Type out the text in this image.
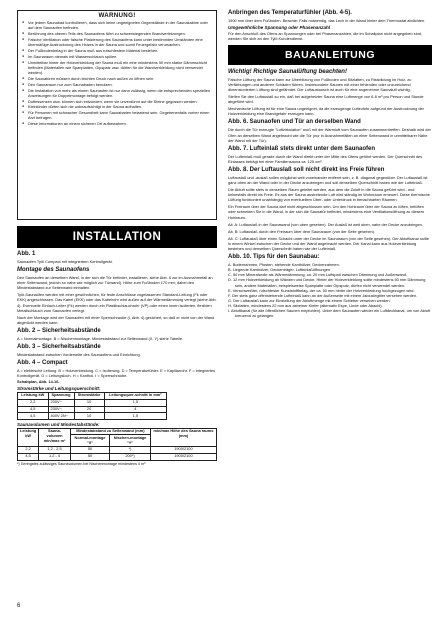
WARNUNG!
● Vor jedem Saunabad kontrollieren, dass sich keine ungeeigneten Gegenstände in der Saunakabine oder auf dem Saunaofen befinden.
● Berührung des oberen Teils des Saunaofens führt zu schwerwiegenden Brandverletzungen.
● Falsche Ventilation oder falsche Platzierung des Saunaofens kann unter bestimmten Umständen eine übermäßige Austrocknung des Holzes in der Sauna und somit Feuergefahr verursachen.
● Der Fußbodenbelag in der Sauna muß aus rutschfestem Material bestehen.
● Im Saunaraum niemals mit Wasserschlauch spülen.
● Unmittelbar hinter der Holzverkleidung der Sauna muß ein eine mindestens 50 mm starke Dämmschicht befinden (Materialien wie Spanplatten, Gipspatz usw. dürfen für die Wandverkleidung nicht verwendet werden).
● Die Saunatüren müssen durch leichten Druck nach außen zu öffnen sein.
● Den Saunaraum nur zum Saunabaden benutzen.
● Die Installation von mehr als einem Saunaofen ist nur dann zulässig, wenn die entsprechenden speziellen Anweisungen für Doppelmontage befolgt werden.
● Duftessenzen usw. können sich entzünden, wenn sie unverdünnt auf die Steine gegossen werden.
● Kleinkinder dürfen sich nie unbeaufsichtigt in der Sauna aufhalten.
● Für Personen mit schwacher Gesundheit kann Saunabaden belastend sein. Gegebenenfalls vorher einen Arzt befragen.
● Diese Informationen an einem sicheren Ort aufbewahren.
INSTALLATION
Abb. 1

Saunaofen Tylö Compact mit integriertem Kontrollgerät.

Montage des Saunaofens

Den Saunaofen an derselben Wand, in der sich die Tür befindet, installieren, siehe Abb. 6 zur im Ausnahmefall an einer Seitenwand, jedoch so nahe wie möglich zur Türwand). Höhe zum Fußboden 170 mm; dabei den Mindestabstand zur Seitenwand einhalten.

Tylö-Saunaöfen werden mit einer gewöhnlichen, für feste Anschlüsse zugelassenen Standard-Leitung (Fk oder EKK) angeschlossen. Das Kabel (EKK) oder das Kabelrohr wird außen auf der Wärmedämmung verlegt (siehe Abb. 4). Eventuelle Einfach-Leiter (Fk) werden durch ein Plastikschlauchrohr (VP) oder einen innen isolierten, flexiblen Metallschlauch zum Saunaofen verlegt.

Nach der Montage wird der Saunaofen mit einer Sperrschraube (I, Abb. 4) gesichert, so daß er nicht von der Wand abgerückt werden kann.

Abb. 2 – Sicherheitsabstände

A = Normalmontage. B = Nischenmontage. Mindestabstand zur Seitenwand (X, Y) siehe Tabelle.

Abb. 3 – Sicherheitsabstände

Mindestabstand zwischen Vorderseite des Saunaofens und Einrichtung.

Abb. 4 – Compact

A = elektrische Leitung. B = Holzverkleidung. C = Isolierung. D = Temperaturfühler. E = Kapillarrohr. F = integriertes Kontrollgerät. G = Leitungsloch. H = Kanthol. I = Sperrschraube.

Schaltplan, Abb. 14-16.

Stromstärke und Leitungsquerschnitt:
Leistung kW	Spannung	Stromstärke	Leitungsquer-schnitt in mm²
2,2	230V~	10	1,5
4,5	230V~	20	4
4,5	400V 2N~	10	1,5
Saunavolumen und Mindestabstände:
Leistung
kW	Sauna-volumen
min/max m³	Mindestabstand zu Seitenwand (mm)		min/max Höhe des Sauna raums (mm)
		Normal-montage "X"	Nischen-montage "Y"	
2,2	1,2 - 2,5	50	*)	1900/2100
4,5	1,2 - 4	50	200*)	1900/2100

*) Geringstes zulässiges Saunavolumen bei Nischenmontage mindestens 4 m³

Anbringen des Temperaturfühler (Abb. 4-5).

1900 mm über dem Fußboden. Beachte: Falls notwendig, das Loch in der Wand hinter dem Thermostat abdichten.

Umgewöhnliche Spannung oder Phasenanzahl

Für den Anschluß des Ofens an Spannungen oder bei Phasenanzahlen, die im Schaltplan nicht angegeben sind, wenden Sie sich an den Tylö Kundendienst.

BAUANLEITUNG
Wichtig! Richtige Saunalüftung beachten!

Falsche Lüftung der Sauna kann zur Überhitzung von Fußboden und Sitzlatten, zu Rissbildung im Holz, zu Verfärbungen und anderen Schäden führen. Insbesondere Saunen mit einer fehlenden oder unzureichend dimensionierten Lüftung sind gefährdet. Der Luftaustausch ist auch für eine angenehme Saunaluft wichtig.

Stellen Sie den Luftauslaß so ein, daß bei aufgeheizter Sauna eine Luftmenge von 6-8 m³ pro Person und Stunde abgeführt wird.

Mechanische Lüftung ist für eine Sauna ungeeignet, da die erzeugenge Luftzufuhr aufgrund der Austrocknung der Holzverkleidung eine Brandgefahr erzeugen kann.

Abb. 6. Saunaofen und Tür an derselben Wand

Die durch die Tür erzeugte "Luftzirkulation" muß mit der Warmluft vom Saunaofen zusammentreffen. Deshalb wird der Ofen an derselben Wand angebracht wie die Tür (nur in Ausnahmefällen an einer Seitenwand in unmittelbarer Nähe der Wand mit der Tür).

Abb. 7. Lufteinlaß stets direkt unter dem Saunaofen

Der Lufteinlaß muß gerade durch die Wand direkt unter der Mitte des Ofens geführt werden. Der Querschnitt des Einlasses beträgt bei einer Familiensauna ca. 125 cm².

Abb. 8. Der Luftauslaß soll nicht direkt ins Freie führen

Luftauslaß und -auslaß sollen möglichst weit voneinander entfernt sein, z. B. diagonal gegenüber. Der Luftauslaß ist ganz oben an der Wand oder in der Decke anzubringen und soll denselben Querschnitt haben wie der Lufteinlaß.

Die Abluft sollte stets in denselben Raum geleitet werden, aus dem die Zuluft in die Sauna geführt wird - und keinesfalls direkt ins Freie. Es aus der Sauna austretende Luft wird ständig im Wohnraum erneuert. Diese thermische Lüftung funktioniert unabhängig von eventuellem Über- oder Unterdruck in benachbarten Räumen.

Ein Freiraum über der Sauna darf nicht abgeschlossen sein. Um den Hohlraum über der Sauna zu lüften, belüften oder schneiden Sie in die Wand, in der sich die Saunatür befindet, mindestens eine Ventilationsöffnung zu diesem Hohlraum.

Alt. A: Luftauslaß in der Saunawand (von oben gesehen). Der Auslaß ist weit oben, nahe der Decke anzubringen.

Alt. B: Luftauslaß durch den Freiraum über dem Saunaraum (von der Seite gesehen).

Alt. C: Luftauslaß über einen Schacht unter der Decke im Saunaraum (von der Seite gesehen). Der Abluftkanal sollte in einem Winkel zwischen der Decke und der Wand angebracht werden. Der Kanal kann aus Holzverkleidung bestehen und denselben Querschnitt haben wie der Lufteinlaß.

Abb. 10. Tips für den Saunabau:

A. Bodenrahmen, Pfosten, stehende Kanthölzer, Deckenrahmen.

B. Liegende Kanthölzer, Deckenträger, Lufteinlaßöffnungen.

C. 50 mm Mineralwolle als Wärmedämmung, ca. 20 mm Luftspalt zwischen Dämmung und Außenwand.

D. 12 mm Holzverkleidung an Wänden und Decke. Hinter der Holzverkleidung sollte mindestens 50 mm Dämmung sein, andere Materialien, beispielsweise Spanplatte oder Gipsputz, dürfen nicht verwendet werden.

E. Verschweißter, rutschfester Kunststoffbelag, der ca. 50 mm hinter der Holzverkleidung hochgezogen wird.

F. Der stets ganz offenstehende Lufteinlaß kann an der Außenseite mit einem Jalousiegitter versehen werden.

G. Der Luftauslaß kann zur Einstellung der Abluftmenge mit einem Schieber versehen werden.

H. Sitzlatten, mindestens 22 mm aus astreiner Kiefer (alternativ Espe, Linde oder Abachi).

I. Abluftkanal (für alle öffentlichen Saunen empfohlen). Unter dem Saunaofen wieder ein Luftdeckkanal, um von Abluft kreuzend zu gelangen.

6
